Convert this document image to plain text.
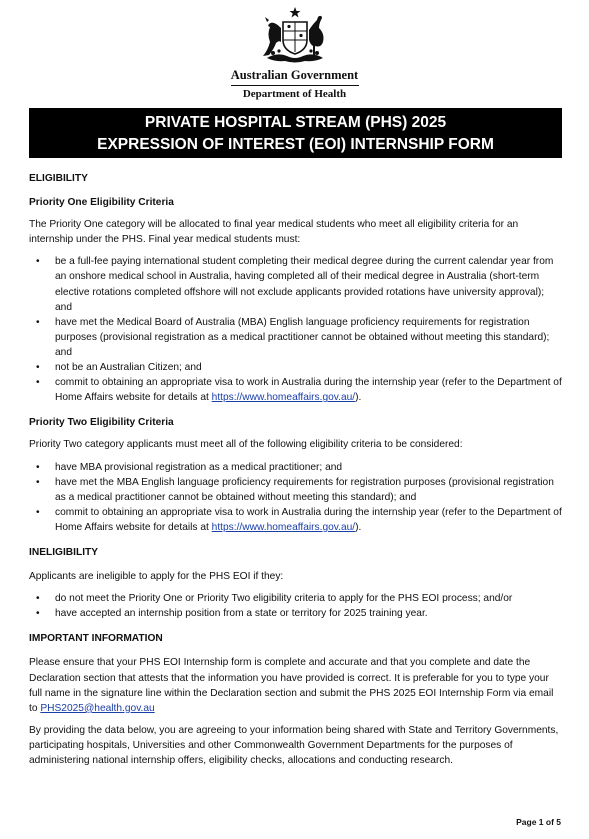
Australian Government
Department of Health
PRIVATE HOSPITAL STREAM (PHS) 2025
EXPRESSION OF INTEREST (EOI) INTERNSHIP FORM
ELIGIBILITY
Priority One Eligibility Criteria

The Priority One category will be allocated to final year medical students who meet all eligibility criteria for an internship under the PHS. Final year medical students must:

• be a full-fee paying international student completing their medical degree during the current calendar year from an onshore medical school in Australia, having completed all of their medical degree in Australia (short-term elective rotations completed offshore will not exclude applicants provided rotations have university approval); and
• have met the Medical Board of Australia (MBA) English language proficiency requirements for registration purposes (provisional registration as a medical practitioner cannot be obtained without meeting this standard); and
• not be an Australian Citizen; and
• commit to obtaining an appropriate visa to work in Australia during the internship year (refer to the Department of Home Affairs website for details at https://www.homeaffairs.gov.au/).
Priority Two Eligibility Criteria

Priority Two category applicants must meet all of the following eligibility criteria to be considered:

• have MBA provisional registration as a medical practitioner; and
• have met the MBA English language proficiency requirements for registration purposes (provisional registration as a medical practitioner cannot be obtained without meeting this standard); and
• commit to obtaining an appropriate visa to work in Australia during the internship year (refer to the Department of Home Affairs website for details at https://www.homeaffairs.gov.au/).
INELIGIBILITY

Applicants are ineligible to apply for the PHS EOI if they:

• do not meet the Priority One or Priority Two eligibility criteria to apply for the PHS EOI process; and/or
• have accepted an internship position from a state or territory for 2025 training year.
IMPORTANT INFORMATION

Please ensure that your PHS EOI Internship form is complete and accurate and that you complete and date the Declaration section that attests that the information you have provided is correct. It is preferable for you to type your full name in the signature line within the Declaration section and submit the PHS 2025 EOI Internship Form via email to PHS2025@health.gov.au

By providing the data below, you are agreeing to your information being shared with State and Territory Governments, participating hospitals, Universities and other Commonwealth Government Departments for the purposes of administering national internship offers, eligibility checks, allocations and conducting research.

Page 1 of 5
